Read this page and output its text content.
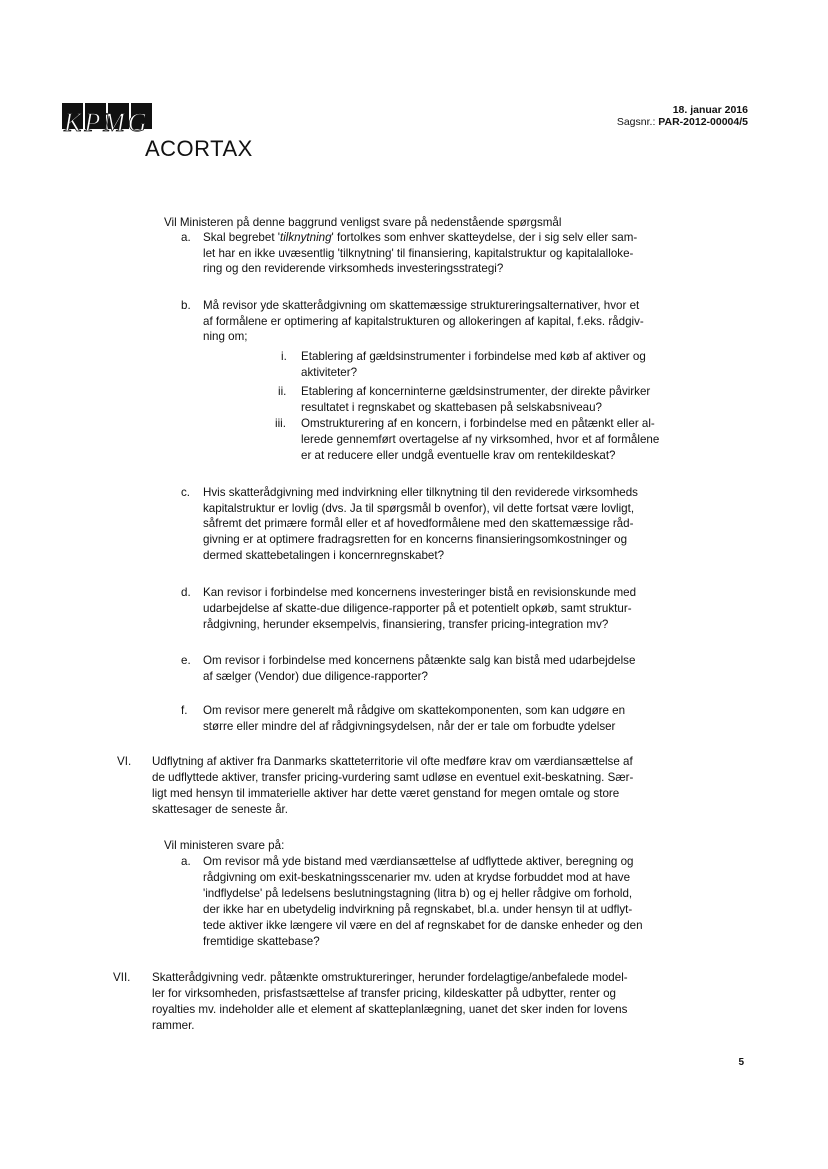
KPMG
ACORTAX
18. januar 2016
Sagsnr.: PAR-2012-00004/5
Vil Ministeren på denne baggrund venligst svare på nedenstående spørgsmål
a. Skal begrebet 'tilknytning' fortolkes som enhver skatteydelse, der i sig selv eller sam-
let har en ikke uvæsentlig 'tilknytning' til finansiering, kapitalstruktur og kapitalalloke-
ring og den reviderende virksomheds investeringsstrategi?
b. Må revisor yde skatterådgivning om skattemæssige struktureringsalternativer, hvor et
af formålene er optimering af kapitalstrukturen og allokeringen af kapital, f.eks. rådgiv-
ning om;
i. Etablering af gældsinstrumenter i forbindelse med køb af aktiver og
aktiviteter?
ii. Etablering af koncerninterne gældsinstrumenter, der direkte påvirker
resultatet i regnskabet og skattebasen på selskabsniveau?
iii. Omstrukturering af en koncern, i forbindelse med en påtænkt eller al-
lerede gennemført overtagelse af ny virksomhed, hvor et af formålene
er at reducere eller undgå eventuelle krav om rentekildeskat?
c. Hvis skatterådgivning med indvirkning eller tilknytning til den reviderede virksomheds
kapitalstruktur er lovlig (dvs. Ja til spørgsmål b ovenfor), vil dette fortsat være lovligt,
såfremt det primære formål eller et af hovedformålene med den skattemæssige råd-
givning er at optimere fradragsretten for en koncerns finansieringsomkostninger og
dermed skattebetalingen i koncernregnskabet?
d. Kan revisor i forbindelse med koncernens investeringer bistå en revisionskunde med
udarbejdelse af skatte-due diligence-rapporter på et potentielt opkøb, samt struktur-
rådgivning, herunder eksempelvis, finansiering, transfer pricing-integration mv?
e. Om revisor i forbindelse med koncernens påtænkte salg kan bistå med udarbejdelse
af sælger (Vendor) due diligence-rapporter?
f. Om revisor mere generelt må rådgive om skattekomponenten, som kan udgøre en
større eller mindre del af rådgivningsydelsen, når der er tale om forbudte ydelser
VI. Udflytning af aktiver fra Danmarks skatteterritorie vil ofte medføre krav om værdiansættelse af
de udflyttede aktiver, transfer pricing-vurdering samt udløse en eventuel exit-beskatning. Sær-
ligt med hensyn til immaterielle aktiver har dette været genstand for megen omtale og store
skattesager de seneste år.
Vil ministeren svare på:
a. Om revisor må yde bistand med værdiansættelse af udflyttede aktiver, beregning og
rådgivning om exit-beskatningsscenarier mv. uden at krydse forbuddet mod at have
'indflydelse' på ledelsens beslutningstagning (litra b) og ej heller rådgive om forhold,
der ikke har en ubetydelig indvirkning på regnskabet, bl.a. under hensyn til at udflyt-
tede aktiver ikke længere vil være en del af regnskabet for de danske enheder og den
fremtidige skattebase?
VII. Skatterådgivning vedr. påtænkte omstruktureringer, herunder fordelagtige/anbefalede model-
ler for virksomheden, prisfastsættelse af transfer pricing, kildeskatter på udbytter, renter og
royalties mv. indeholder alle et element af skatteplanlægning, uanet det sker inden for lovens
rammer.
5
